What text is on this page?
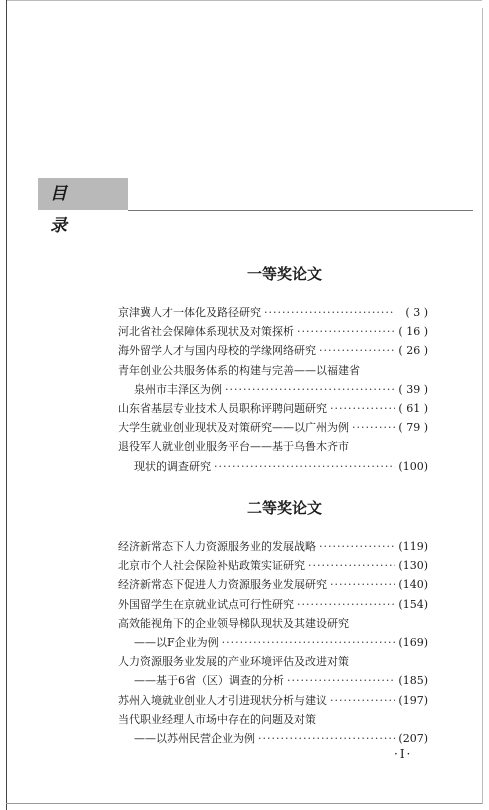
目录
一等奖论文
京津冀人才一体化及路径研究 ·····	( 3 )
河北省社会保障体系现状及对策探析 ·····	( 16 )
海外留学人才与国内母校的学缘网络研究 ·····	( 26 )
青年创业公共服务体系的构建与完善——以福建省
泉州市丰泽区为例 ·····	( 39 )
山东省基层专业技术人员职称评聘问题研究 ·····	( 61 )
大学生就业创业现状及对策研究——以广州为例 ·····	( 79 )
退役军人就业创业服务平台——基于乌鲁木齐市
现状的调查研究 ·····	(100)
二等奖论文
经济新常态下人力资源服务业的发展战略 ·····	(119)
北京市个人社会保险补贴政策实证研究 ·····	(130)
经济新常态下促进人力资源服务业发展研究 ·····	(140)
外国留学生在京就业试点可行性研究 ·····	(154)
高效能视角下的企业领导梯队现状及其建设研究
——以F企业为例 ·····	(169)
人力资源服务业发展的产业环境评估及改进对策
——基于6省（区）调查的分析 ·····	(185)
苏州入境就业创业人才引进现状分析与建议 ·····	(197)
当代职业经理人市场中存在的问题及对策
——以苏州民营企业为例 ·····	(207)
·Ⅰ·
